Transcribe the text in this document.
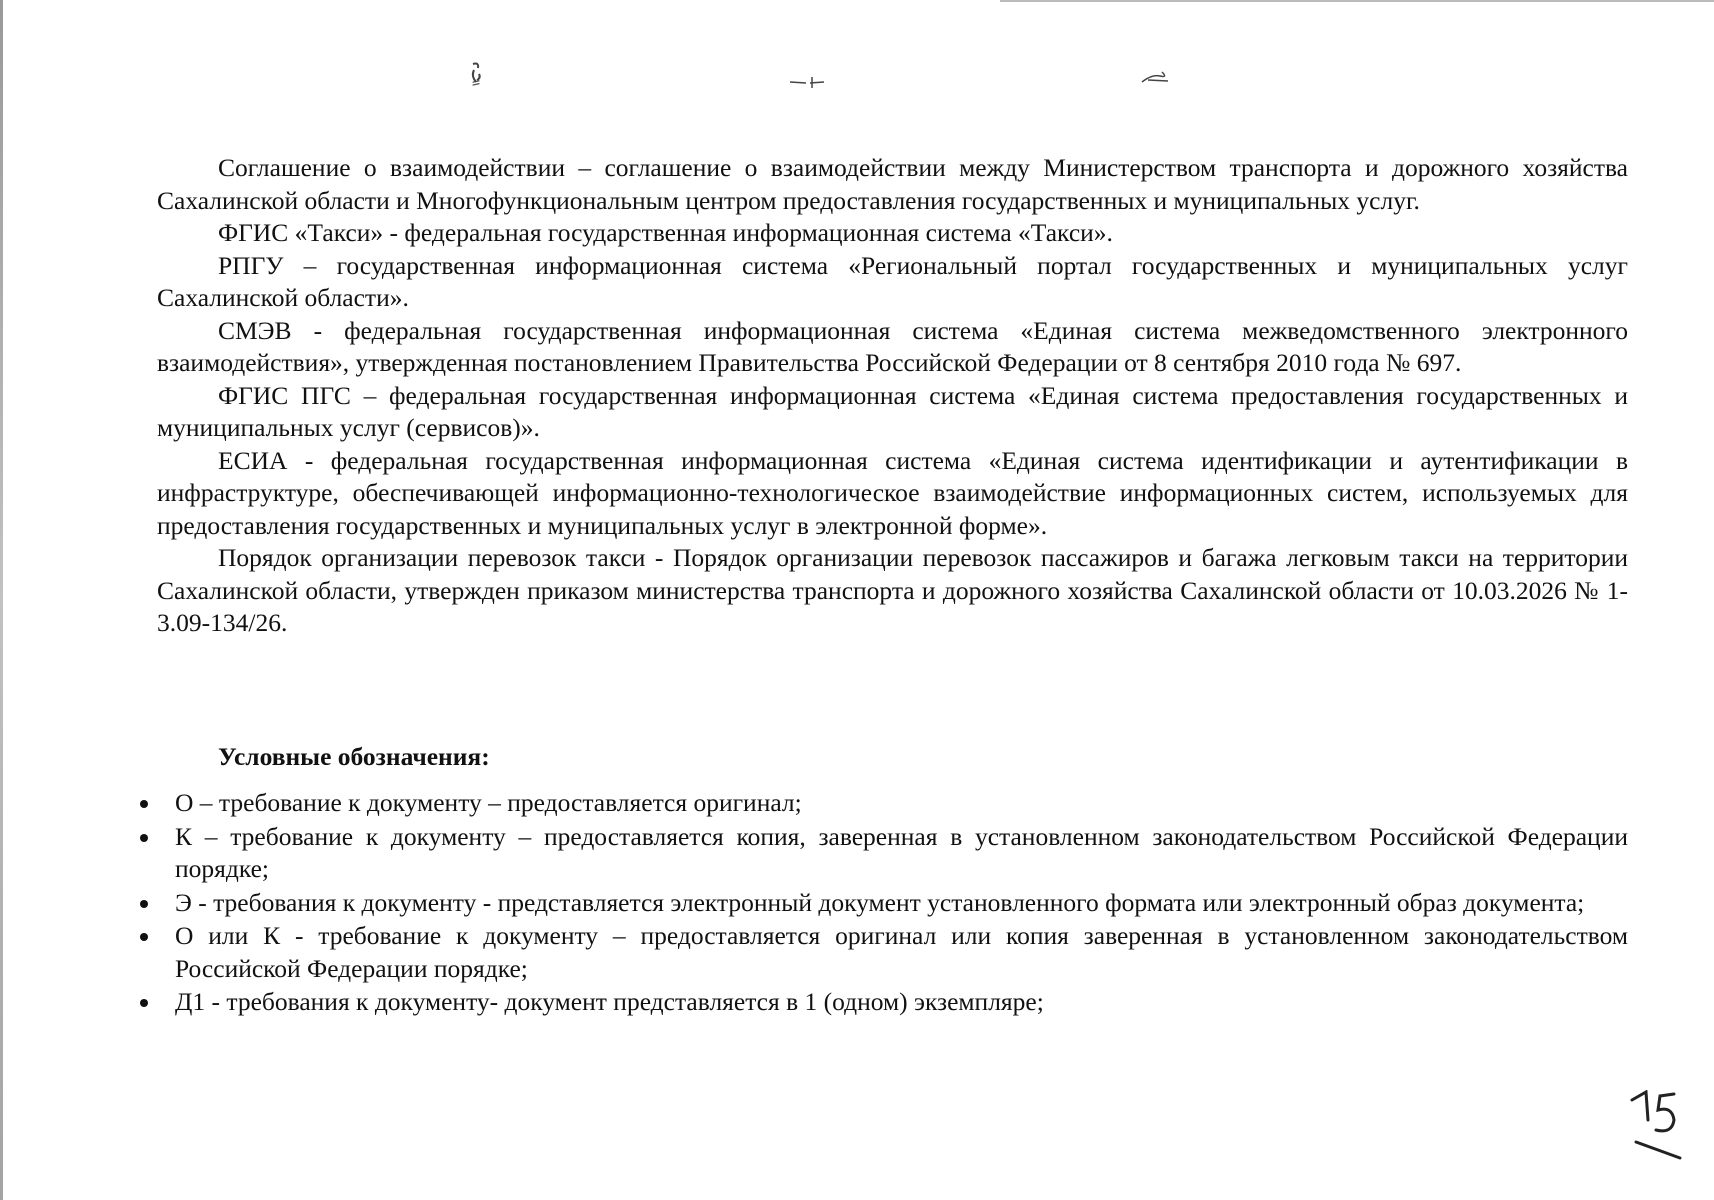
Соглашение о взаимодействии – соглашение о взаимодействии между Министерством транспорта и дорожного хозяйства Сахалинской области и Многофункциональным центром предоставления государственных и муниципальных услуг.

ФГИС «Такси» - федеральная государственная информационная система «Такси».

РПГУ – государственная информационная система «Региональный портал государственных и муниципальных услуг Сахалинской области».

СМЭВ - федеральная государственная информационная система «Единая система межведомственного электронного взаимодействия», утвержденная постановлением Правительства Российской Федерации от 8 сентября 2010 года № 697.

ФГИС ПГС – федеральная государственная информационная система «Единая система предоставления государственных и муниципальных услуг (сервисов)».

ЕСИА - федеральная государственная информационная система «Единая система идентификации и аутентификации в инфраструктуре, обеспечивающей информационно-технологическое взаимодействие информационных систем, используемых для предоставления государственных и муниципальных услуг в электронной форме».

Порядок организации перевозок такси - Порядок организации перевозок пассажиров и багажа легковым такси на территории Сахалинской области, утвержден приказом министерства транспорта и дорожного хозяйства Сахалинской области от 10.03.2026 № 1-3.09-134/26.

Условные обозначения:

О – требование к документу – предоставляется оригинал;
К – требование к документу – предоставляется копия, заверенная в установленном законодательством Российской Федерации порядке;
Э - требования к документу - представляется электронный документ установленного формата или электронный образ документа;
О или К - требование к документу – предоставляется оригинал или копия заверенная в установленном законодательством Российской Федерации порядке;
Д1 - требования к документу- документ представляется в 1 (одном) экземпляре;
